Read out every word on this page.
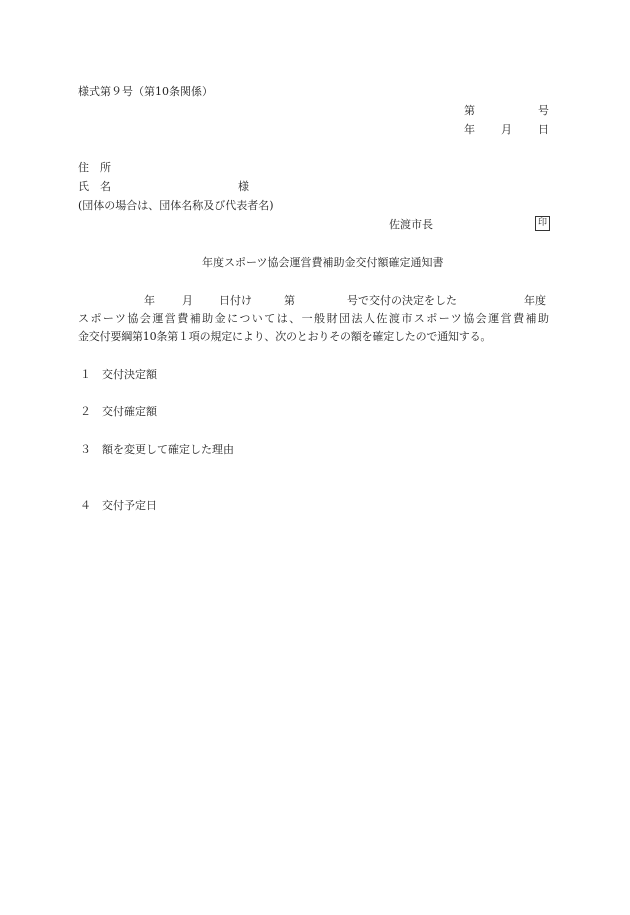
様式第９号（第10条関係）
第	号
年 月 日
住　所
氏　名	様
(団体の場合は、団体名称及び代表者名)
佐渡市長	印
年度スポーツ協会運営費補助金交付額確定通知書
年 月 日付け	第	号で交付の決定をした	年度
スポーツ協会運営費補助金については、一般財団法人佐渡市スポーツ協会運営費補助
金交付要綱第10条第１項の規定により、次のとおりその額を確定したので通知する。
１ 交付決定額
２ 交付確定額
３ 額を変更して確定した理由
４ 交付予定日
